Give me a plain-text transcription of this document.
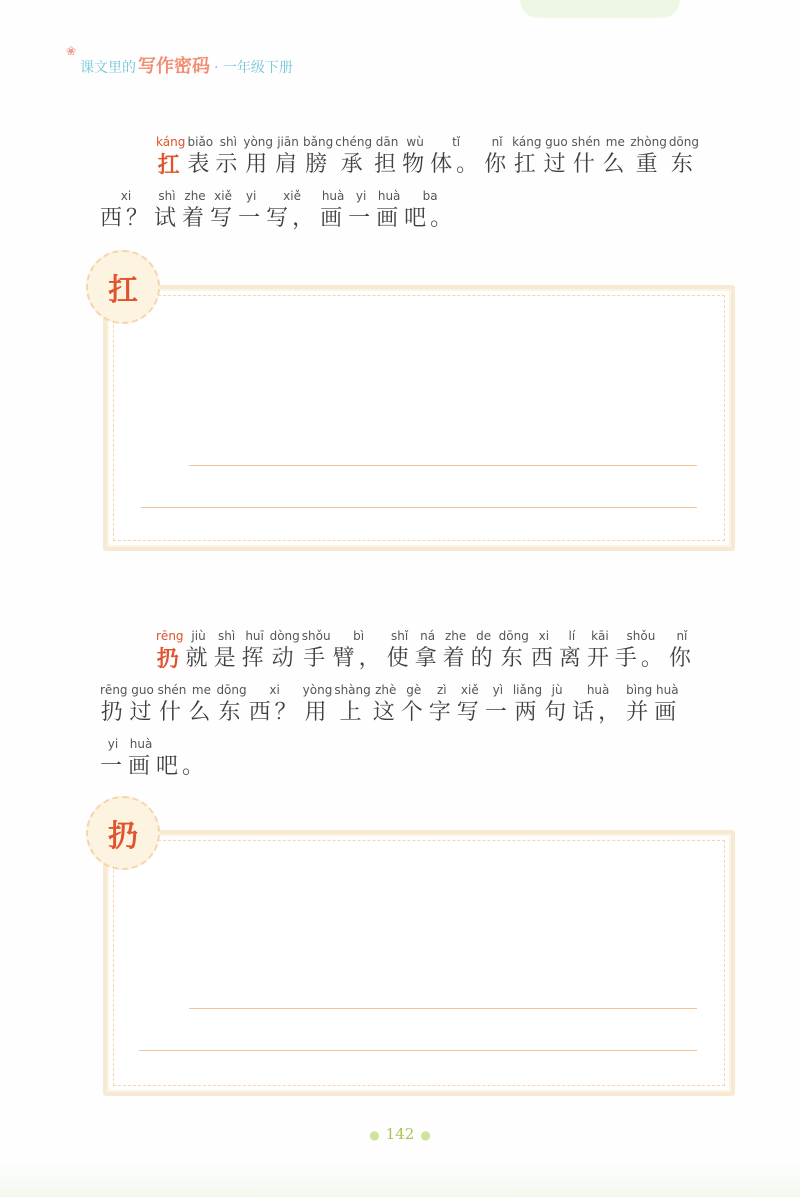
❀
课文里的 写作密码 · 一年级下册
káng
扛
biǎo
表
shì
示
yòng
用
jiān
肩
bǎng
膀
chéng
承
dān
担
wù
物
tǐ
体。
nǐ
你
káng
扛
guo
过
shén
什
me
么
zhòng
重
dōng
东
xi
西？
shì
试
zhe
着
xiě
写
yi
一
xiě
写，
huà
画
yi
一
huà
画
ba
吧。
扛
rēng
扔
jiù
就
shì
是
huī
挥
dòng
动
shǒu
手
bì
臂，
shǐ
使
ná
拿
zhe
着
de
的
dōng
东
xi
西
lí
离
kāi
开
shǒu
手。
nǐ
你
rēng
扔
guo
过
shén
什
me
么
dōng
东
xi
西？
yòng
用
shàng
上
zhè
这
gè
个
zì
字
xiě
写
yì
一
liǎng
两
jù
句
huà
话，
bìng
并
huà
画
yi
一
huà
画 吧。
扔
● 142 ●
